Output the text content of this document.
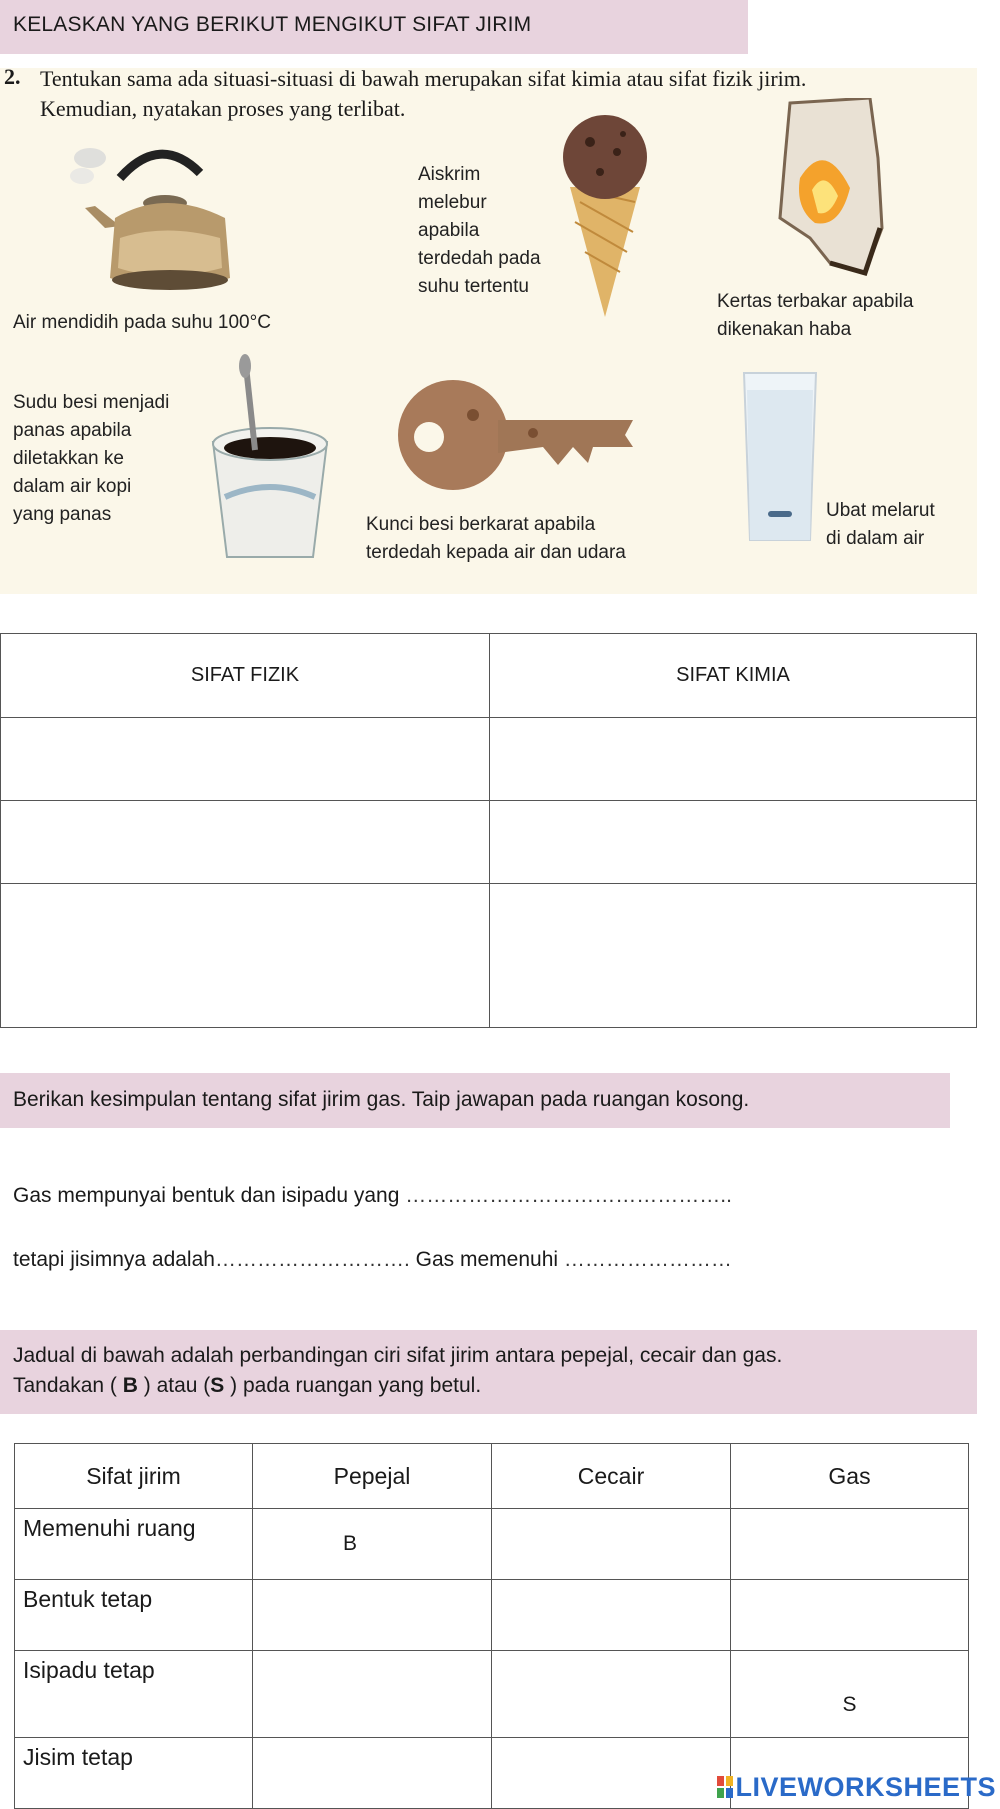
KELASKAN YANG BERIKUT MENGIKUT SIFAT JIRIM
2. Tentukan sama ada situasi-situasi di bawah merupakan sifat kimia atau sifat fizik jirim.
Kemudian, nyatakan proses yang terlibat.
Air mendidih pada suhu 100°C
Aiskrim
melebur
apabila
terdedah pada
suhu tertentu
Kertas terbakar apabila
dikenakan haba
Sudu besi menjadi
panas apabila
diletakkan ke
dalam air kopi
yang panas	Kunci besi berkarat apabila
terdedah kepada air dan udara
Ubat melarut
di dalam air
SIFAT FIZIK	SIFAT KIMIA

Berikan kesimpulan tentang sifat jirim gas. Taip jawapan pada ruangan kosong.
Gas mempunyai bentuk dan isipadu yang ………………………………………..
tetapi jisimnya adalah………………………. Gas memenuhi ……………………
Jadual di bawah adalah perbandingan ciri sifat jirim antara pepejal, cecair dan gas.
Tandakan ( B ) atau (S ) pada ruangan yang betul.
Sifat jirim	Pepejal	Cecair	Gas
Memenuhi ruang	B		
Bentuk tetap			
Isipadu tetap			S
Jisim tetap			
LIVEWORKSHEETS
